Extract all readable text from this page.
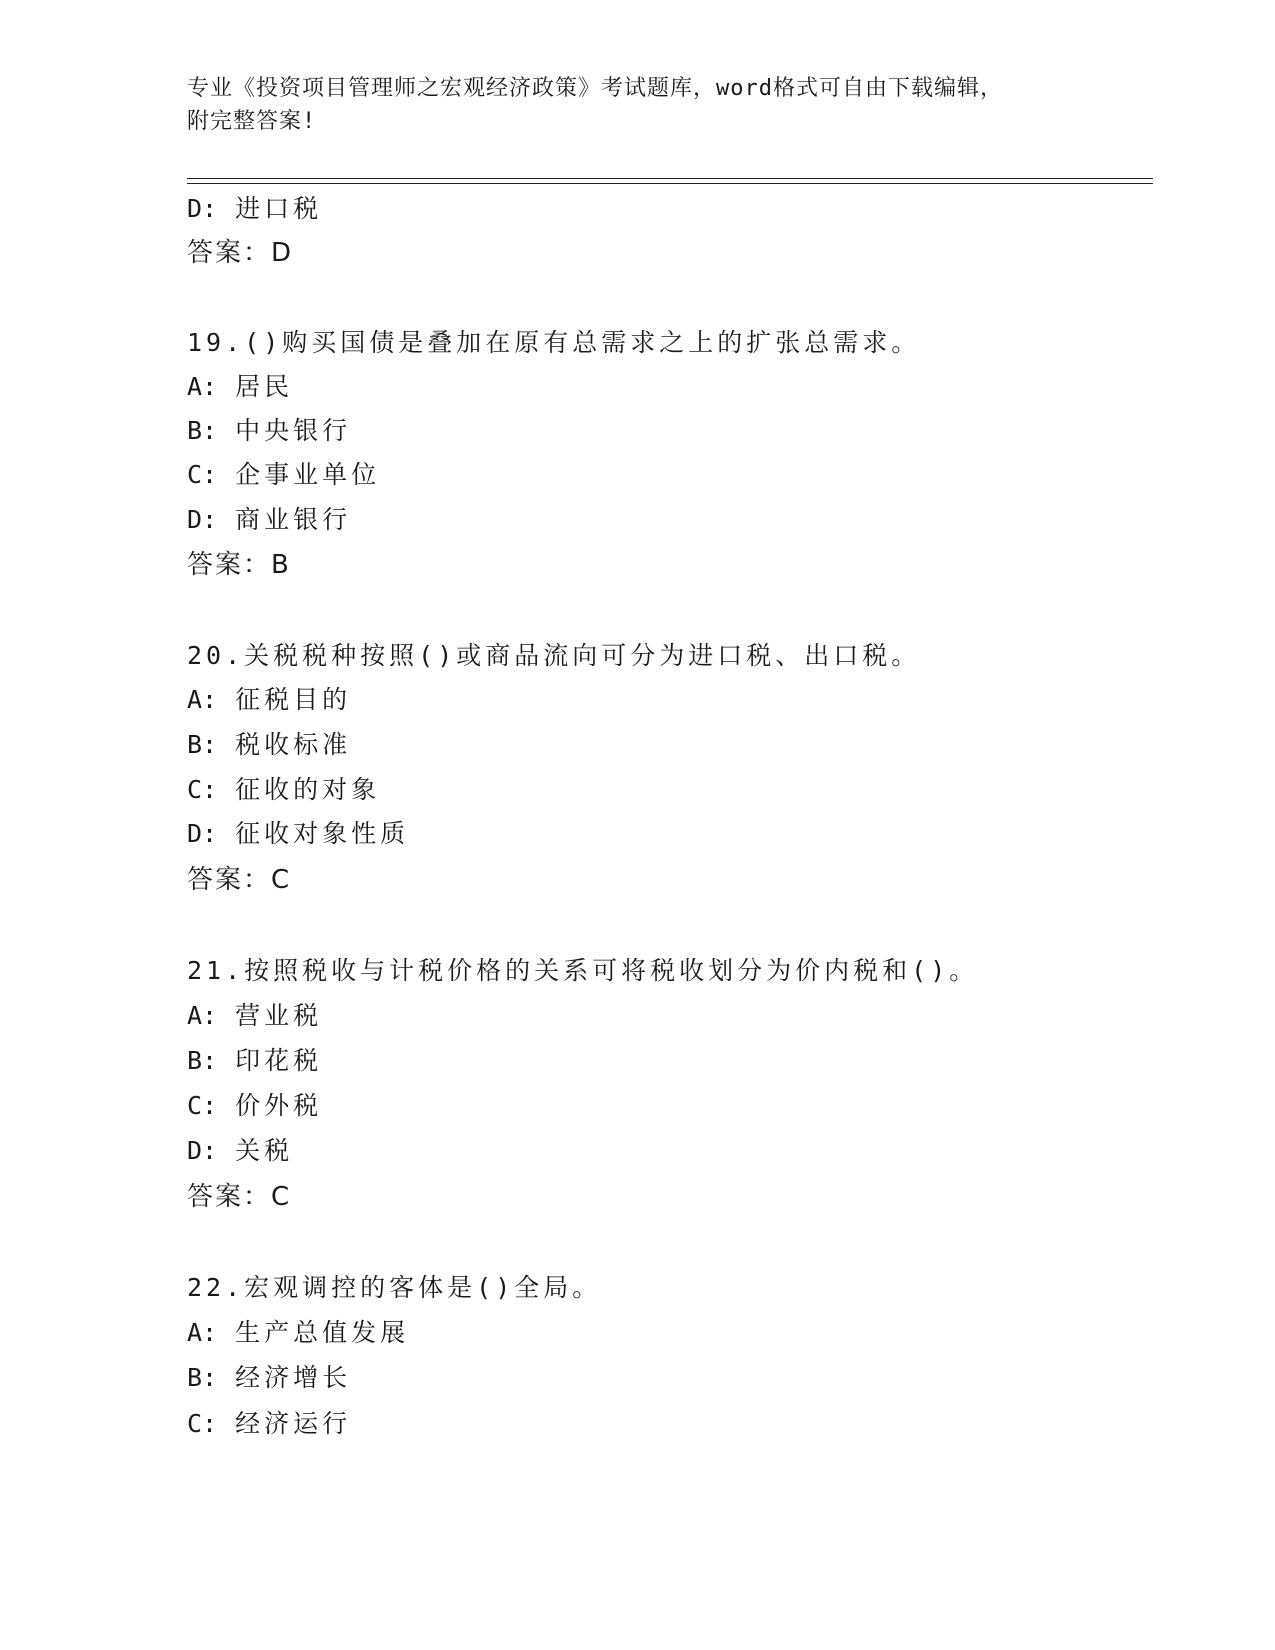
专业《投资项目管理师之宏观经济政策》考试题库，word格式可自由下载编辑，
附完整答案!
D: 进口税
答案：D
19.()购买国债是叠加在原有总需求之上的扩张总需求。
A: 居民
B: 中央银行
C: 企事业单位
D: 商业银行
答案：B
20.关税税种按照()或商品流向可分为进口税、出口税。
A: 征税目的
B: 税收标准
C: 征收的对象
D: 征收对象性质
答案：C
21.按照税收与计税价格的关系可将税收划分为价内税和()。
A: 营业税
B: 印花税
C: 价外税
D: 关税
答案：C
22.宏观调控的客体是()全局。
A: 生产总值发展
B: 经济增长
C: 经济运行
